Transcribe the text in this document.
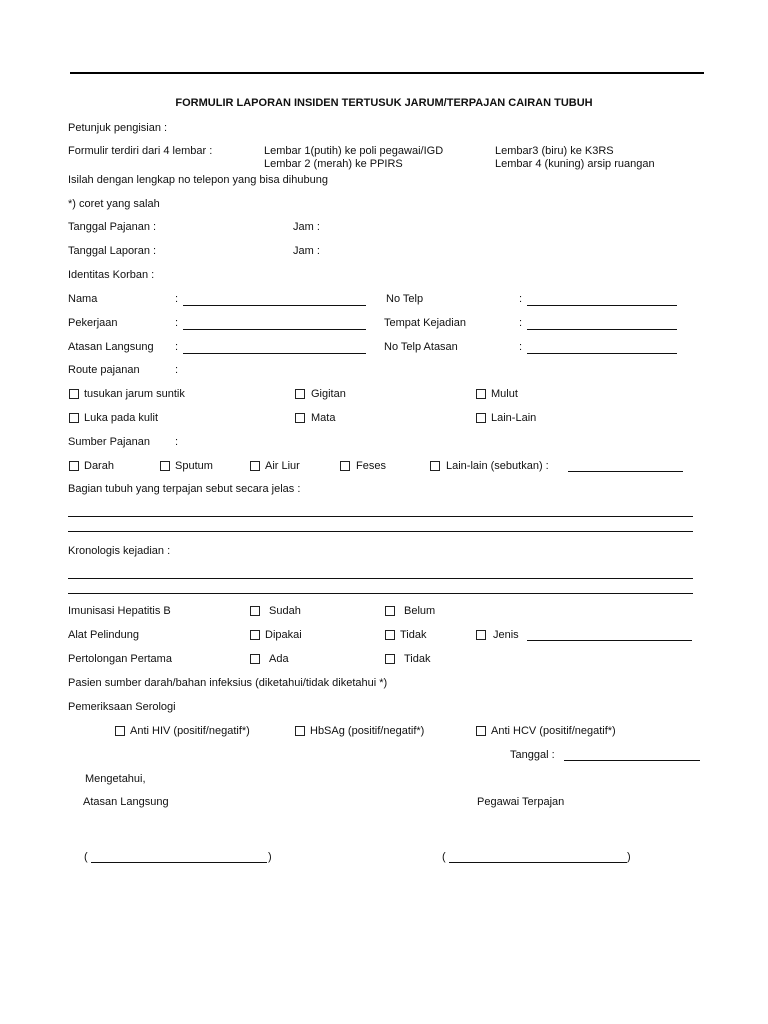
FORMULIR LAPORAN INSIDEN TERTUSUK JARUM/TERPAJAN CAIRAN TUBUH
Petunjuk pengisian :
Formulir terdiri dari 4 lembar :	Lembar 1(putih) ke poli pegawai/IGD
Lembar 2 (merah) ke PPIRS
Lembar3 (biru) ke K3RS
Lembar 4 (kuning) arsip ruangan
Isilah dengan lengkap no telepon yang bisa dihubung
*) coret yang salah
Tanggal Pajanan :	Jam :
Tanggal Laporan :	Jam :
Identitas Korban :
Nama	:	No Telp	:
Pekerjaan	:	Tempat Kejadian	:
Atasan Langsung :	No Telp Atasan	:
Route pajanan	:
tusukan jarum suntik	Gigitan	Mulut
Luka pada kulit	Mata	Lain-Lain
Sumber Pajanan :
Darah	Sputum	Air Liur	Feses	Lain-lain (sebutkan) :
Bagian tubuh yang terpajan sebut secara jelas :
Kronologis kejadian :
Imunisasi Hepatitis B	Sudah	Belum
Alat Pelindung	Dipakai	Tidak	Jenis
Pertolongan Pertama	Ada	Tidak
Pasien sumber darah/bahan infeksius (diketahui/tidak diketahui *)
Pemeriksaan Serologi
Anti HIV (positif/negatif*)	HbSAg (positif/negatif*)	Anti HCV (positif/negatif*)
Tanggal :
Mengetahui,
Atasan Langsung	Pegawai Terpajan
(	)	(	)
